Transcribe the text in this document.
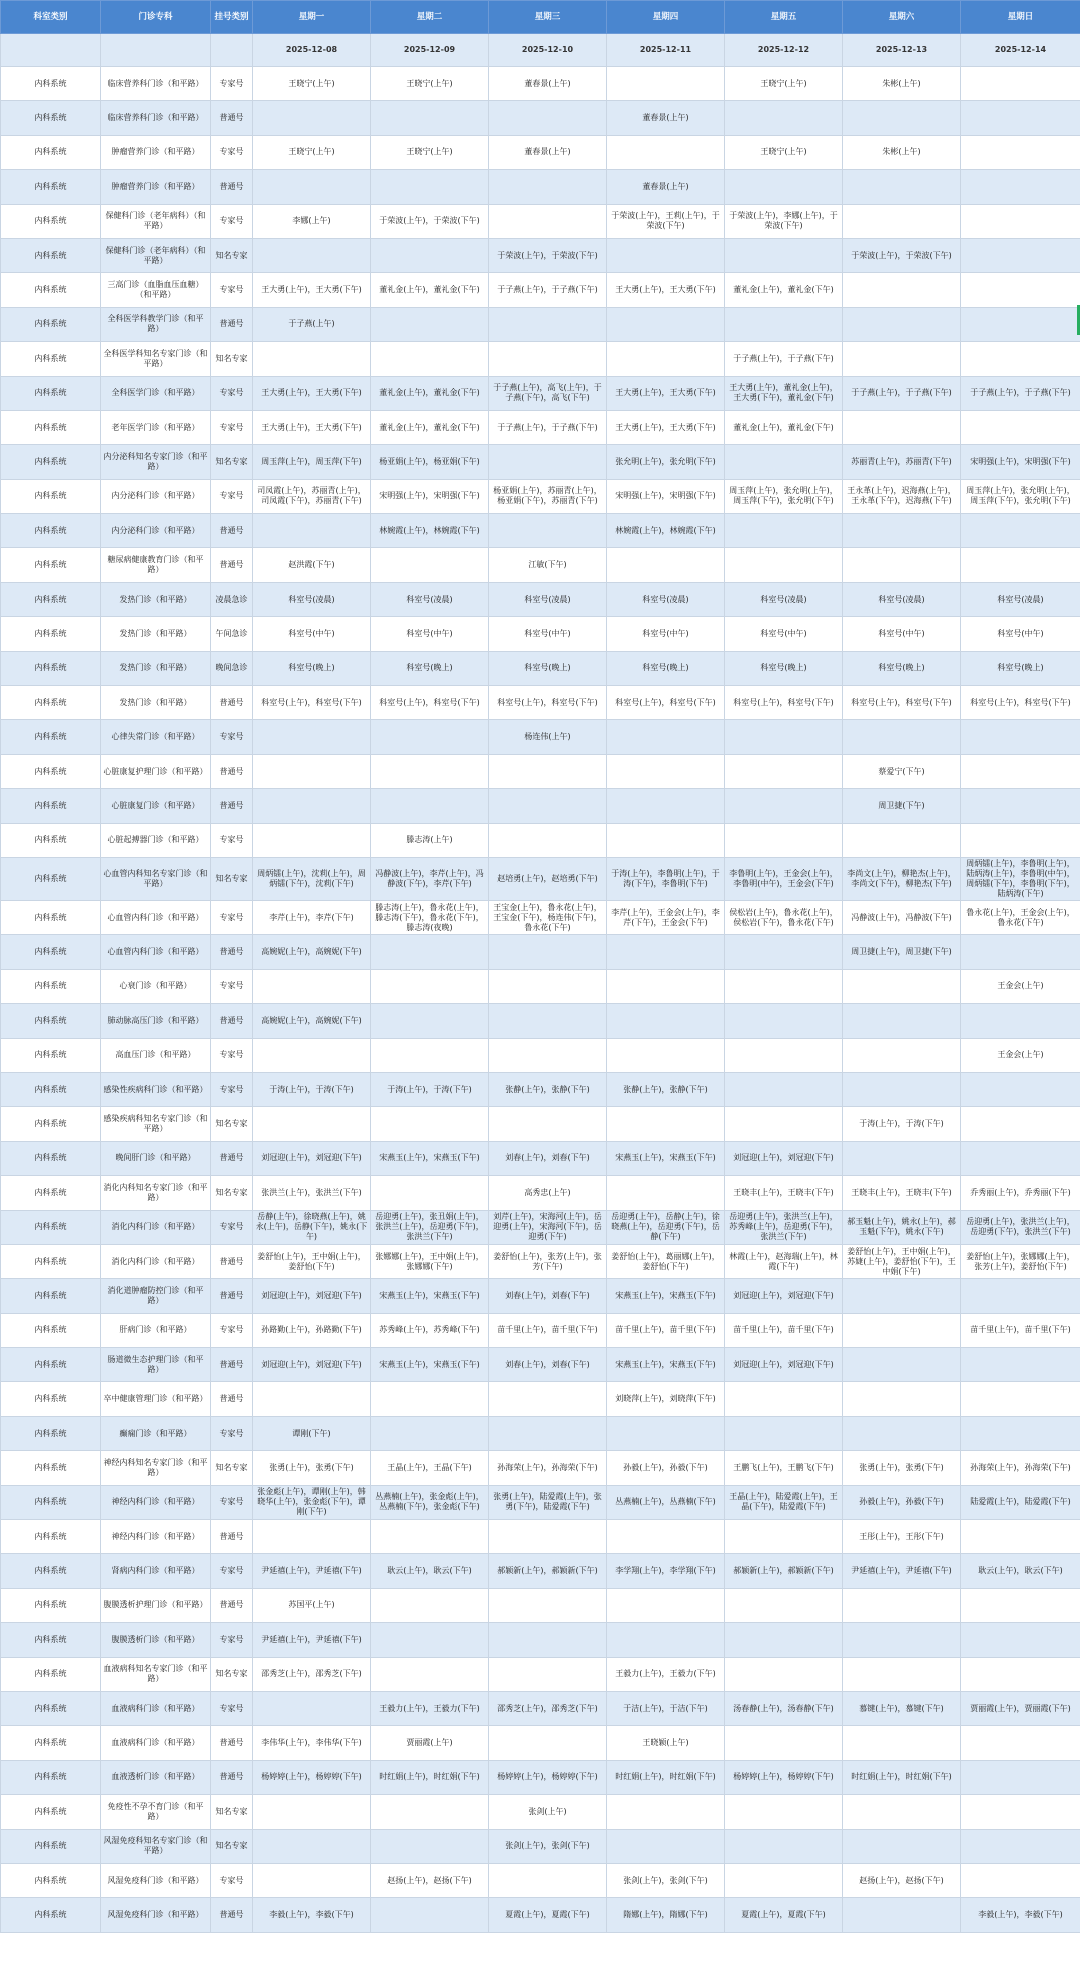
科室类别	门诊专科	挂号类别	星期一	星期二	星期三	星期四	星期五	星期六	星期日
			2025-12-08	2025-12-09	2025-12-10	2025-12-11	2025-12-12	2025-12-13	2025-12-14
内科系统	临床营养科门诊（和平路）	专家号	王晓宁(上午)	王晓宁(上午)	董春景(上午)		王晓宁(上午)	朱彬(上午)	
内科系统	临床营养科门诊（和平路）	普通号				董春景(上午)			
内科系统	肿瘤营养门诊（和平路）	专家号	王晓宁(上午)	王晓宁(上午)	董春景(上午)		王晓宁(上午)	朱彬(上午)	
内科系统	肿瘤营养门诊（和平路）	普通号				董春景(上午)			
内科系统	保健科门诊（老年病科）（和平路）	专家号	李娜(上午)	于荣波(上午)，于荣波(下午)		于荣波(上午)，王莉(上午)，于荣波(下午)	于荣波(上午)，李娜(上午)，于荣波(下午)		
内科系统	保健科门诊（老年病科）（和平路）	知名专家			于荣波(上午)，于荣波(下午)			于荣波(上午)，于荣波(下午)	
内科系统	三高门诊（血脂血压血糖）（和平路）	专家号	王大勇(上午)，王大勇(下午)	董礼金(上午)，董礼金(下午)	于子燕(上午)，于子燕(下午)	王大勇(上午)，王大勇(下午)	董礼金(上午)，董礼金(下午)		
内科系统	全科医学科教学门诊（和平路）	普通号	于子燕(上午)						
内科系统	全科医学科知名专家门诊（和平路）	知名专家					于子燕(上午)，于子燕(下午)		
内科系统	全科医学门诊（和平路）	专家号	王大勇(上午)，王大勇(下午)	董礼金(上午)，董礼金(下午)	于子燕(上午)，高飞(上午)，于子燕(下午)，高飞(下午)	王大勇(上午)，王大勇(下午)	王大勇(上午)，董礼金(上午)，王大勇(下午)，董礼金(下午)	于子燕(上午)，于子燕(下午)	于子燕(上午)，于子燕(下午)
内科系统	老年医学门诊（和平路）	专家号	王大勇(上午)，王大勇(下午)	董礼金(上午)，董礼金(下午)	于子燕(上午)，于子燕(下午)	王大勇(上午)，王大勇(下午)	董礼金(上午)，董礼金(下午)		
内科系统	内分泌科知名专家门诊（和平路）	知名专家	周玉萍(上午)，周玉萍(下午)	杨亚娟(上午)，杨亚娟(下午)		张允明(上午)，张允明(下午)		苏丽青(上午)，苏丽青(下午)	宋明强(上午)，宋明强(下午)
内科系统	内分泌科门诊（和平路）	专家号	司凤霞(上午)，苏丽青(上午)，司凤霞(下午)，苏丽青(下午)	宋明强(上午)，宋明强(下午)	杨亚娟(上午)，苏丽青(上午)，杨亚娟(下午)，苏丽青(下午)	宋明强(上午)，宋明强(下午)	周玉萍(上午)，张允明(上午)，周玉萍(下午)，张允明(下午)	王永革(上午)，迟海燕(上午)，王永革(下午)，迟海燕(下午)	周玉萍(上午)，张允明(上午)，周玉萍(下午)，张允明(下午)
内科系统	内分泌科门诊（和平路）	普通号		林婉霞(上午)，林婉霞(下午)		林婉霞(上午)，林婉霞(下午)			
内科系统	糖尿病健康教育门诊（和平路）	普通号	赵洪霞(下午)		江敏(下午)				
内科系统	发热门诊（和平路）	凌晨急诊	科室号(凌晨)	科室号(凌晨)	科室号(凌晨)	科室号(凌晨)	科室号(凌晨)	科室号(凌晨)	科室号(凌晨)
内科系统	发热门诊（和平路）	午间急诊	科室号(中午)	科室号(中午)	科室号(中午)	科室号(中午)	科室号(中午)	科室号(中午)	科室号(中午)
内科系统	发热门诊（和平路）	晚间急诊	科室号(晚上)	科室号(晚上)	科室号(晚上)	科室号(晚上)	科室号(晚上)	科室号(晚上)	科室号(晚上)
内科系统	发热门诊（和平路）	普通号	科室号(上午)，科室号(下午)	科室号(上午)，科室号(下午)	科室号(上午)，科室号(下午)	科室号(上午)，科室号(下午)	科室号(上午)，科室号(下午)	科室号(上午)，科室号(下午)	科室号(上午)，科室号(下午)
内科系统	心律失常门诊（和平路）	专家号			杨连伟(上午)				
内科系统	心脏康复护理门诊（和平路）	普通号						蔡爱宁(下午)	
内科系统	心脏康复门诊（和平路）	普通号						周卫捷(下午)	
内科系统	心脏起搏器门诊（和平路）	专家号		滕志涛(上午)					
内科系统	心血管内科知名专家门诊（和平路）	知名专家	周炳镭(上午)，沈莉(上午)，周炳镭(下午)，沈莉(下午)	冯静波(上午)，李芹(上午)，冯静波(下午)，李芹(下午)	赵培勇(上午)，赵培勇(下午)	于涛(上午)，李鲁明(上午)，于涛(下午)，李鲁明(下午)	李鲁明(上午)，王金会(上午)，李鲁明(中午)，王金会(下午)	李尚文(上午)，柳艳杰(上午)，李尚文(下午)，柳艳杰(下午)	周炳镭(上午)，李鲁明(上午)，陆炳涛(上午)，李鲁明(中午)，周炳镭(下午)，李鲁明(下午)，陆炳涛(下午)
内科系统	心血管内科门诊（和平路）	专家号	李芹(上午)，李芹(下午)	滕志涛(上午)，鲁永花(上午)，滕志涛(下午)，鲁永花(下午)，滕志涛(夜晚)	王宝金(上午)，鲁永花(上午)，王宝金(下午)，杨连伟(下午)，鲁永花(下午)	李芹(上午)，王金会(上午)，李芹(下午)，王金会(下午)	侯松岩(上午)，鲁永花(上午)，侯松岩(下午)，鲁永花(下午)	冯静波(上午)，冯静波(下午)	鲁永花(上午)，王金会(上午)，鲁永花(下午)
内科系统	心血管内科门诊（和平路）	普通号	高婉妮(上午)，高婉妮(下午)					周卫捷(上午)，周卫捷(下午)	
内科系统	心衰门诊（和平路）	专家号							王金会(上午)
内科系统	肺动脉高压门诊（和平路）	普通号	高婉妮(上午)，高婉妮(下午)						
内科系统	高血压门诊（和平路）	专家号							王金会(上午)
内科系统	感染性疾病科门诊（和平路）	专家号	于涛(上午)，于涛(下午)	于涛(上午)，于涛(下午)	张静(上午)，张静(下午)	张静(上午)，张静(下午)			
内科系统	感染疾病科知名专家门诊（和平路）	知名专家						于涛(上午)，于涛(下午)	
内科系统	晚间肝门诊（和平路）	普通号	刘冠迎(上午)，刘冠迎(下午)	宋燕玉(上午)，宋燕玉(下午)	刘春(上午)，刘春(下午)	宋燕玉(上午)，宋燕玉(下午)	刘冠迎(上午)，刘冠迎(下午)		
内科系统	消化内科知名专家门诊（和平路）	知名专家	张洪兰(上午)，张洪兰(下午)		高秀忠(上午)		王晓丰(上午)，王晓丰(下午)	王晓丰(上午)，王晓丰(下午)	乔秀丽(上午)，乔秀丽(下午)
内科系统	消化内科门诊（和平路）	专家号	岳静(上午)，徐晓燕(上午)，姚永(上午)，岳静(下午)，姚永(下午)	岳迎勇(上午)，张丑娟(上午)，张洪兰(上午)，岳迎勇(下午)，张洪兰(下午)	刘芹(上午)，宋海河(上午)，岳迎勇(上午)，宋海河(下午)，岳迎勇(下午)	岳迎勇(上午)，岳静(上午)，徐晓燕(上午)，岳迎勇(下午)，岳静(下午)	岳迎勇(上午)，张洪兰(上午)，苏秀峰(上午)，岳迎勇(下午)，张洪兰(下午)	郝玉魁(上午)，姚永(上午)，郝玉魁(下午)，姚永(下午)	岳迎勇(上午)，张洪兰(上午)，岳迎勇(下午)，张洪兰(下午)
内科系统	消化内科门诊（和平路）	普通号	姜舒怡(上午)，王中娟(上午)，姜舒怡(下午)	张娜娜(上午)，王中娟(上午)，张娜娜(下午)	姜舒怡(上午)，张芳(上午)，张芳(下午)	姜舒怡(上午)，葛丽娜(上午)，姜舒怡(下午)	林霞(上午)，赵海瑞(上午)，林霞(下午)	姜舒怡(上午)，王中娟(上午)，苏婕(上午)，姜舒怡(下午)，王中娟(下午)	姜舒怡(上午)，张娜娜(上午)，张芳(上午)，姜舒怡(下午)
内科系统	消化道肿瘤防控门诊（和平路）	普通号	刘冠迎(上午)，刘冠迎(下午)	宋燕玉(上午)，宋燕玉(下午)	刘春(上午)，刘春(下午)	宋燕玉(上午)，宋燕玉(下午)	刘冠迎(上午)，刘冠迎(下午)		
内科系统	肝病门诊（和平路）	专家号	孙路勤(上午)，孙路勤(下午)	苏秀峰(上午)，苏秀峰(下午)	苗千里(上午)，苗千里(下午)	苗千里(上午)，苗千里(下午)	苗千里(上午)，苗千里(下午)		苗千里(上午)，苗千里(下午)
内科系统	肠道微生态护理门诊（和平路）	普通号	刘冠迎(上午)，刘冠迎(下午)	宋燕玉(上午)，宋燕玉(下午)	刘春(上午)，刘春(下午)	宋燕玉(上午)，宋燕玉(下午)	刘冠迎(上午)，刘冠迎(下午)		
内科系统	卒中健康管理门诊（和平路）	普通号				刘晓萍(上午)，刘晓萍(下午)			
内科系统	癫痫门诊（和平路）	专家号	谭刚(下午)						
内科系统	神经内科知名专家门诊（和平路）	知名专家	张勇(上午)，张勇(下午)	王晶(上午)，王晶(下午)	孙海荣(上午)，孙海荣(下午)	孙毅(上午)，孙毅(下午)	王鹏飞(上午)，王鹏飞(下午)	张勇(上午)，张勇(下午)	孙海荣(上午)，孙海荣(下午)
内科系统	神经内科门诊（和平路）	专家号	张金彪(上午)，谭刚(上午)，韩晓华(上午)，张金彪(下午)，谭刚(下午)	丛燕楠(上午)，张金彪(上午)，丛燕楠(下午)，张金彪(下午)	张勇(上午)，陆爱霞(上午)，张勇(下午)，陆爱霞(下午)	丛燕楠(上午)，丛燕楠(下午)	王晶(上午)，陆爱霞(上午)，王晶(下午)，陆爱霞(下午)	孙毅(上午)，孙毅(下午)	陆爱霞(上午)，陆爱霞(下午)
内科系统	神经内科门诊（和平路）	普通号						王彤(上午)，王彤(下午)	
内科系统	肾病内科门诊（和平路）	专家号	尹延禧(上午)，尹延禧(下午)	耿云(上午)，耿云(下午)	郝颖新(上午)，郝颖新(下午)	李学翔(上午)，李学翔(下午)	郝颖新(上午)，郝颖新(下午)	尹延禧(上午)，尹延禧(下午)	耿云(上午)，耿云(下午)
内科系统	腹膜透析护理门诊（和平路）	普通号	苏国平(上午)						
内科系统	腹膜透析门诊（和平路）	专家号	尹延禧(上午)，尹延禧(下午)						
内科系统	血液病科知名专家门诊（和平路）	知名专家	邵秀芝(上午)，邵秀芝(下午)			王毅力(上午)，王毅力(下午)			
内科系统	血液病科门诊（和平路）	专家号		王毅力(上午)，王毅力(下午)	邵秀芝(上午)，邵秀芝(下午)	于洁(上午)，于洁(下午)	汤春静(上午)，汤春静(下午)	慕键(上午)，慕键(下午)	贾丽霞(上午)，贾丽霞(下午)
内科系统	血液病科门诊（和平路）	普通号	李伟华(上午)，李伟华(下午)	贾丽霞(上午)		王晓颖(上午)			
内科系统	血液透析门诊（和平路）	普通号	杨婷婷(上午)，杨婷婷(下午)	时红娟(上午)，时红娟(下午)	杨婷婷(上午)，杨婷婷(下午)	时红娟(上午)，时红娟(下午)	杨婷婷(上午)，杨婷婷(下午)	时红娟(上午)，时红娟(下午)	
内科系统	免疫性不孕不育门诊（和平路）	知名专家			张剑(上午)				
内科系统	风湿免疫科知名专家门诊（和平路）	知名专家			张剑(上午)，张剑(下午)				
内科系统	风湿免疫科门诊（和平路）	专家号		赵扬(上午)，赵扬(下午)		张剑(上午)，张剑(下午)		赵扬(上午)，赵扬(下午)	
内科系统	风湿免疫科门诊（和平路）	普通号	李毅(上午)，李毅(下午)		夏霞(上午)，夏霞(下午)	隋娜(上午)，隋娜(下午)	夏霞(上午)，夏霞(下午)		李毅(上午)，李毅(下午)
